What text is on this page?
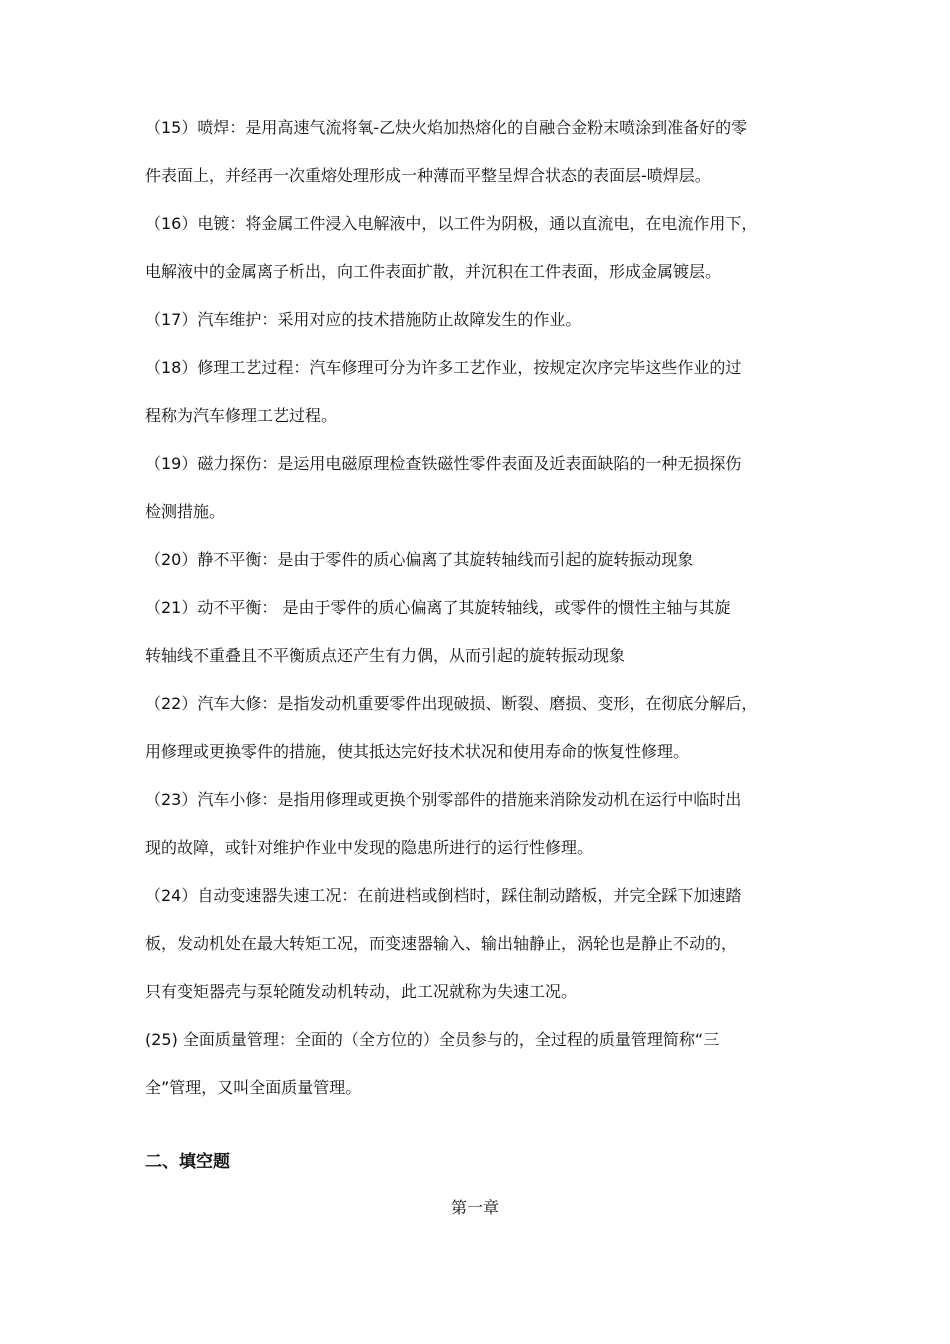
（15）喷焊：是用高速气流将氧-乙炔火焰加热熔化的自融合金粉末喷涂到准备好的零
件表面上，并经再一次重熔处理形成一种薄而平整呈焊合状态的表面层-喷焊层。
（16）电镀：将金属工件浸入电解液中，以工件为阴极，通以直流电，在电流作用下，
电解液中的金属离子析出，向工件表面扩散，并沉积在工件表面，形成金属镀层。
（17）汽车维护：采用对应的技术措施防止故障发生的作业。
（18）修理工艺过程：汽车修理可分为许多工艺作业，按规定次序完毕这些作业的过
程称为汽车修理工艺过程。
（19）磁力探伤：是运用电磁原理检查铁磁性零件表面及近表面缺陷的一种无损探伤
检测措施。
（20）静不平衡：是由于零件的质心偏离了其旋转轴线而引起的旋转振动现象
（21）动不平衡： 是由于零件的质心偏离了其旋转轴线，或零件的惯性主轴与其旋
转轴线不重叠且不平衡质点还产生有力偶，从而引起的旋转振动现象
（22）汽车大修：是指发动机重要零件出现破损、断裂、磨损、变形，在彻底分解后，
用修理或更换零件的措施，使其抵达完好技术状况和使用寿命的恢复性修理。
（23）汽车小修：是指用修理或更换个别零部件的措施来消除发动机在运行中临时出
现的故障，或针对维护作业中发现的隐患所进行的运行性修理。
（24）自动变速器失速工况：在前进档或倒档时，踩住制动踏板，并完全踩下加速踏
板，发动机处在最大转矩工况，而变速器输入、输出轴静止，涡轮也是静止不动的，
只有变矩器壳与泵轮随发动机转动，此工况就称为失速工况。
(25) 全面质量管理：全面的（全方位的）全员参与的，全过程的质量管理简称“三
全”管理，又叫全面质量管理。
二、填空题
第一章
